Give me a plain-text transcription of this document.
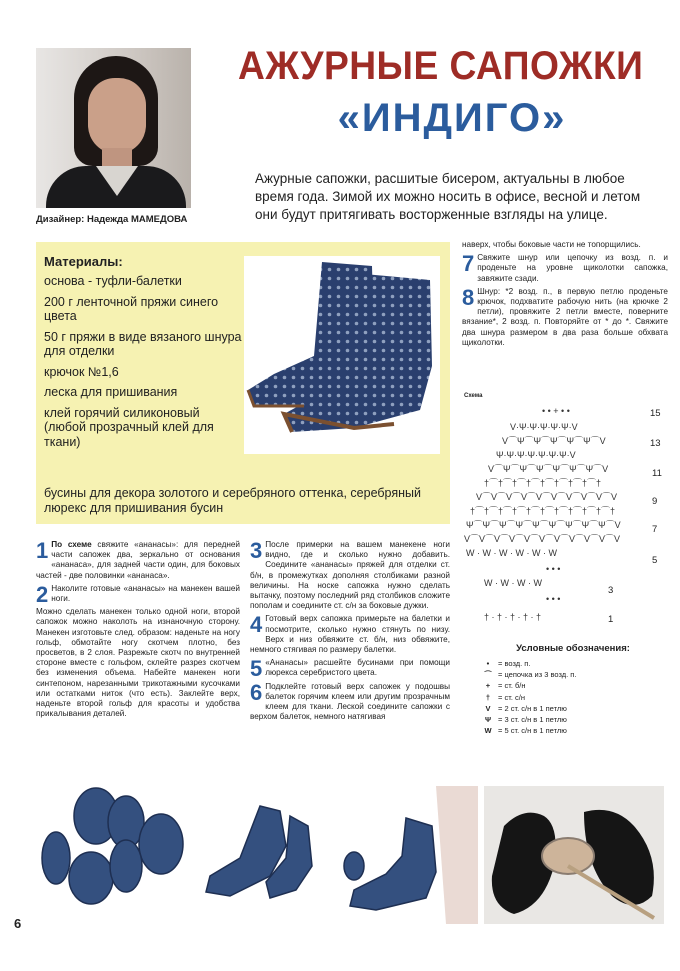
Дизайнер: Надежда МАМЕДОВА
АЖУРНЫЕ САПОЖКИ
«ИНДИГО»
Ажурные сапожки, расшитые бисером, актуальны в любое время года. Зимой их можно носить в офисе, весной и летом они будут притягивать восторженные взгляды на улице.
Материалы:
основа - туфли-балетки
200 г ленточной пряжи синего цвета
50 г пряжи в виде вязаного шнура для отделки
крючок №1,6
леска для пришивания
клей горячий силиконовый (любой прозрачный клей для ткани)
бусины для декора золотого и серебряного оттенка, серебряный люрекс для пришивания бусин
1 По схеме свяжите «ананасы»: для передней части сапожек два, зеркально от основания «ананаса», для задней части один, для боковых частей - две половинки «ананаса».
2 Наколите готовые «ананасы» на манекен вашей ноги.
Можно сделать манекен только одной ноги, второй сапожок можно наколоть на изнаночную сторону. Манекен изготовьте след. образом: наденьте на ногу гольф, обмотайте ногу скотчем плотно, без просветов, в 2 слоя. Разрежьте скотч по внутренней стороне вместе с гольфом, склейте разрез скотчем без изменения объема. Набейте манекен ноги синтепоном, нарезанными трикотажными кусочками или остатками ниток (что есть). Заклейте верх, наденьте второй гольф для красоты и удобства прикалывания деталей.
3 После примерки на вашем манекене ноги видно, где и сколько нужно добавить. Соедините «ананасы» пряжей для отделки ст. б/н, в промежутках дополняя столбиками разной величины. На носке сапожка нужно сделать вытачку, поэтому последний ряд столбиков сложите пополам и соедините ст. с/н за боковые дужки.
4 Готовый верх сапожка примерьте на балетки и посмотрите, сколько нужно стянуть по низу. Верх и низ обвяжите ст. б/н, низ обвяжите, немного стягивая по размеру балетки.
5 «Ананасы» расшейте бусинами при помощи люрекса серебристого цвета.
6 Подклейте готовый верх сапожек у подошвы балеток горячим клеем или другим прозрачным клеем для ткани. Леской соедините сапожки с верхом балеток, немного натягивая
наверх, чтобы боковые части не топорщились.
7 Свяжите шнур или цепочку из возд. п. и проденьте на уровне щиколотки сапожка, завяжите сзади.
8 Шнур: *2 возд. п., в первую петлю проденьте крючок, подхватите рабочую нить (на крючке 2 петли), провяжите 2 петли вместе, поверните вязание*, 2 возд. п. Повторяйте от * до *. Свяжите два шнура размером в два раза больше обхвата щиколотки.
Схема
• • + • •
V·Ψ·Ψ·Ψ·Ψ·Ψ·V
V⌒Ψ⌒Ψ⌒Ψ⌒Ψ⌒Ψ⌒V
Ψ·Ψ·Ψ·Ψ·Ψ·Ψ·Ψ·V
V⌒Ψ⌒Ψ⌒Ψ⌒Ψ⌒Ψ⌒Ψ⌒V
†⌒†⌒†⌒†⌒†⌒†⌒†⌒†⌒†
V⌒V⌒V⌒V⌒V⌒V⌒V⌒V⌒V⌒V
†⌒†⌒†⌒†⌒†⌒†⌒†⌒†⌒†⌒†⌒†
Ψ⌒Ψ⌒Ψ⌒Ψ⌒Ψ⌒Ψ⌒Ψ⌒Ψ⌒Ψ⌒V
V⌒V⌒V⌒V⌒V⌒V⌒V⌒V⌒V⌒V⌒V
W · W · W · W · W · W
• • •
W · W · W · W
• • •
† · † · † · † · †
15
13
11
9
7
5
3
1
Условные обозначения:
• = возд. п.
⌒ = цепочка из 3 возд. п.
+ = ст. б/н
† = ст. с/н
V = 2 ст. с/н в 1 петлю
Ψ = 3 ст. с/н в 1 петлю
W = 5 ст. с/н в 1 петлю
6
